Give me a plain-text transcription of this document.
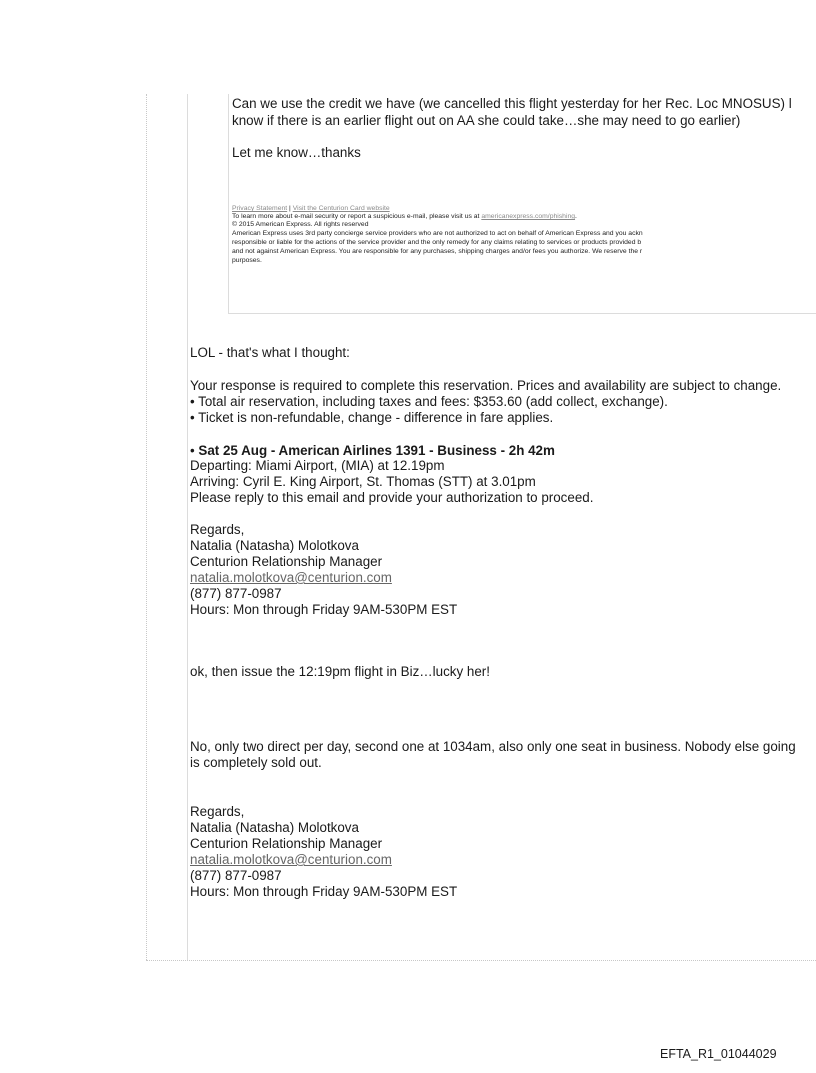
Can we use the credit we have (we cancelled this flight yesterday for her Rec. Loc MNOSUS) l
know if there is an earlier flight out on AA she could take…she may need to go earlier)
Let me know…thanks
Privacy Statement | Visit the Centurion Card website
To learn more about e-mail security or report a suspicious e-mail, please visit us at americanexpress.com/phishing.
© 2015 American Express. All rights reserved
American Express uses 3rd party concierge service providers who are not authorized to act on behalf of American Express and you ackn
responsible or liable for the actions of the service provider and the only remedy for any claims relating to services or products provided b
and not against American Express. You are responsible for any purchases, shipping charges and/or fees you authorize. We reserve the r
purposes.
LOL - that's what I thought:
Your response is required to complete this reservation. Prices and availability are subject to change.
• Total air reservation, including taxes and fees: $353.60 (add collect, exchange).
• Ticket is non-refundable, change - difference in fare applies.
• Sat 25 Aug - American Airlines 1391 - Business - 2h 42m
Departing: Miami Airport, (MIA) at 12.19pm
Arriving: Cyril E. King Airport, St. Thomas (STT) at 3.01pm
Please reply to this email and provide your authorization to proceed.
Regards,
Natalia (Natasha) Molotkova
Centurion Relationship Manager
natalia.molotkova@centurion.com
(877) 877-0987
Hours: Mon through Friday 9AM-530PM EST
ok, then issue the 12:19pm flight in Biz…lucky her!
No, only two direct per day, second one at 1034am, also only one seat in business. Nobody else going
is completely sold out.
Regards,
Natalia (Natasha) Molotkova
Centurion Relationship Manager
natalia.molotkova@centurion.com
(877) 877-0987
Hours: Mon through Friday 9AM-530PM EST
EFTA_R1_01044029
